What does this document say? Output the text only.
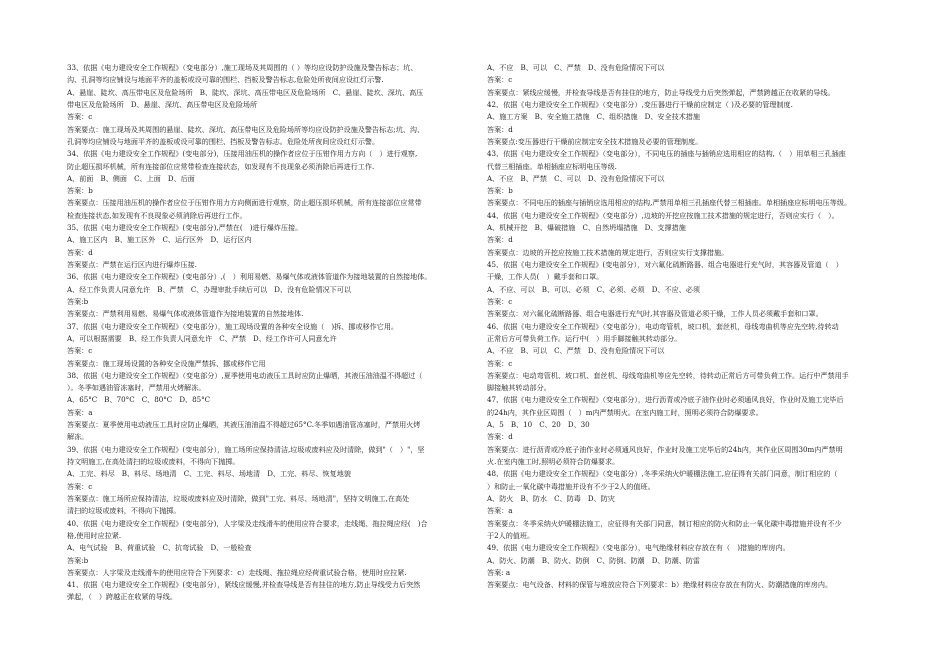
33、依据《电力建设安全工作规程》（变电部分）,施工现场及其周围的（ ）等均应设防护设施及警告标志；坑、
沟、孔洞等均应铺设与地面平齐的盖板或设可靠的围栏、挡板及警告标志,危险处所夜间应设红灯示警.
A、悬崖、陡坎、高压带电区及危险场所　B、陡坎、深坑、高压带电区及危险场所　C、悬崖、陡坎、深坑、高压
带电区及危险场所　D、悬崖、深坑、高压带电区及危险场所
答案：c
答案要点：施工现场及其周围的悬崖、陡坎、深坑、高压带电区及危险场所等均应设防护设施及警告标志;坑、沟、
孔洞等均应铺设与地面平齐的盖板或设可靠的围栏、挡板及警告标志。危险处所夜间应设红灯示警。
34、依据《电力建设安全工作规程》(变电部分)，压接用油压机的操作者应位于压钳作用力方向（　）进行观察,
防止超压损坏机械，所有连接部位应常带检查连接状态，如发现有不良现象必须消除后再进行工作.
A、前面　B、侧面　C、上面　D、后面
答案：b
答案要点：压接用油压机的操作者应位于压钳作用力方向侧面进行观察，防止超压损坏机械，所有连接部位应常带
检查连接状态,如发现有不良现象必须消除后再进行工作。
35、依据《电力建设安全工作规程》(变电部分),严禁在(　)进行爆炸压接。
A、施工区内　B、施工区外　C、运行区外　D、运行区内
答案：d
答案要点：严禁在运行区内进行爆炸压接.
36、依据《电力建设安全工作规程》(变电部分）,(　）利用易燃、易爆气体或液体管道作为接地装置的自然接地体。
A、经工作负责人同意允许　B、严禁　C、办理审批手续后可以　D、没有危险情况下可以
答案:b
答案要点：严禁利用易燃、易爆气体或液体管道作为接地装置的自然接地体.
37、依据《电力建设安全工作规程》（变电部分），施工现场设置的各种安全设施（　)拆、挪或移作它用。
A、可以根据需要　B、经工作负责人同意允许　C、严禁　D、经工作许可人同意允许
答案：c
答案要点：施工现场设置的各种安全设施严禁拆、挪或移作它用
38、依据《电力建设安全工作规程》（变电部分）,夏季使用电动液压工具时应防止爆晒，其液压油油温不得超过（
）。冬季如遇油管冻塞时，严禁用火烤解冻。
A、65°C　B、70°C　C、80°C　D、85°C
答案：a
答案要点：夏季使用电动液压工具时应防止爆晒，其液压油油温不得超过65°C.冬季如遇油管冻塞时，严禁用火烤
解冻。
39、依据《电力建设安全工作规程》(变电部分），施工场所应保持清洁,垃圾或废料应及时清除，做到"（　）"，坚
持文明施工,在高处清扫的垃圾或废料，不得向下抛掷。
A、工完、料尽　B、料尽、场地清　C、工完、料尽、场地清　D、工完、料尽、恢复地貌
答案：c
答案要点：施工场所应保持清洁，垃圾或废料应及时清除，做到"工完、料尽、场地清"，坚持文明施工,在高处
清扫的垃圾或废料，不得向下抛掷。
40、依据《电力建设安全工作规程》(变电部分)，人字梁及走线滑车的使用应符合要求，走线绳、拖拉绳应经(　)合
格,使用时应拉紧.
A、电气试验　B、荷重试验　C、抗弯试验　D、一般检查
答案:b
答案要点：人字梁及走线滑车的使用应符合下列要求：c）走线绳、拖拉绳应经荷重试验合格，使用时应拉紧.
41、依据《电力建设安全工作规程》(变电部分），紧线应缓慢,并检查导线是否有挂住的地方,防止导线受力后突然
弹起，（　）跨越正在收紧的导线。
A、不应　B、可以　C、严禁　D、没有危险情况下可以
答案：c
答案要点：紧线应缓慢，并检查导线是否有挂住的地方，防止导线受力后突然弹起，严禁跨越正在收紧的导线。
42、依据《电力建设安全工作规程》（变电部分）,变压器进行干燥前应制定（ )及必要的管理制度.
A、施工方案　B、安全施工措施　C、组织措施　D、安全技术措施
答案：d
答案要点:变压器进行干燥前应制定安全技术措施及必要的管理制度。
43、依据《电力建设安全工作规程》（变电部分），不同电压的插座与插销应选用相应的结构,（　）用单相三孔插座
代替三相插座。单相插座应标明电压等级.
A、不应　B、严禁　C、可以　D、没有危险情况下可以
答案：b
答案要点：不同电压的插座与插销应选用相应的结构,严禁用单相三孔插座代替三相插座。单相插座应标明电压等级。
44、依据《电力建设安全工作规程》（变电部分）,边坡的开挖应按施工技术措施的规定进行，否则应实行（　）。
A、机械开挖　B、爆破措施　C、自然坍塌措施　D、支撑措施
答案：d
答案要点：边坡的开挖应按施工技术措施的规定进行，否则应实行支撑措施。
45、依据《电力建设安全工作规程》(变电部分），对六氟化硫断路器、组合电器进行充气时，其容器及管道（　）
干燥，工作人员(　）戴手套和口罩。
A、不应、可以　B、可以、必须　C、必须、必须　D、不应、必须
答案：c
答案要点：对六氟化硫断路器、组合电器进行充气时,其容器及管道必须干燥，工作人员必须戴手套和口罩。
46、依据《电力建设安全工作规程》（变电部分），电动弯管机，坡口机，套丝机，母线弯曲机等应先空转,待转动
正常后方可带负荷工作。运行中(　）用手脚接触其转动部分。
A、不应　B、可以　C、严禁　D、没有危险情况下可以
答案：c
答案要点：电动弯管机、坡口机、套丝机、母线弯曲机等应先空转，待转动正常后方可带负荷工作。运行中严禁用手
脚接触其转动部分。
47、依据《电力建设安全工作规程》（变电部分），进行沥青或冷底子油作业时必须通风良好，作业时及施工完毕后
的24h内，其作业区周围（　）m内严禁明火。在室内施工时，照明必须符合防爆要求。
A、5　B、10　C、20　D、30
答案：d
答案要点：进行沥青或冷底子油作业时必须通风良好，作业时及施工完毕后的24h内，其作业区周围30m内严禁明
火.在室内施工时,照明必须符合防爆要求。
48、依据《电力建设安全工作规程》（变电部分）,冬季采纳火炉暖棚法施工,应征得有关部门同意，制订相应的（
）和防止一氧化碳中毒措施并设有不少于2人的值班。
A、防火　B、防水　C、防毒　D、防灾
答案：a
答案要点：冬季采纳火炉暖棚法施工，应征得有关部门同意，制订相应的防火和防止一氧化碳中毒措施并设有不少
于2人的值班。
49、依据《电力建设安全工作规程》（变电部分），电气绝缘材料应存放在有（　)措施的库房内。
A、防火、防潮　B、防火、防倒　C、防倒、防潮　D、防潮、防雷
答案: a
答案要点：电气设备、材料的保管与堆放应符合下列要求：b）绝缘材料应存放在有防火、防潮措施的库房内。
